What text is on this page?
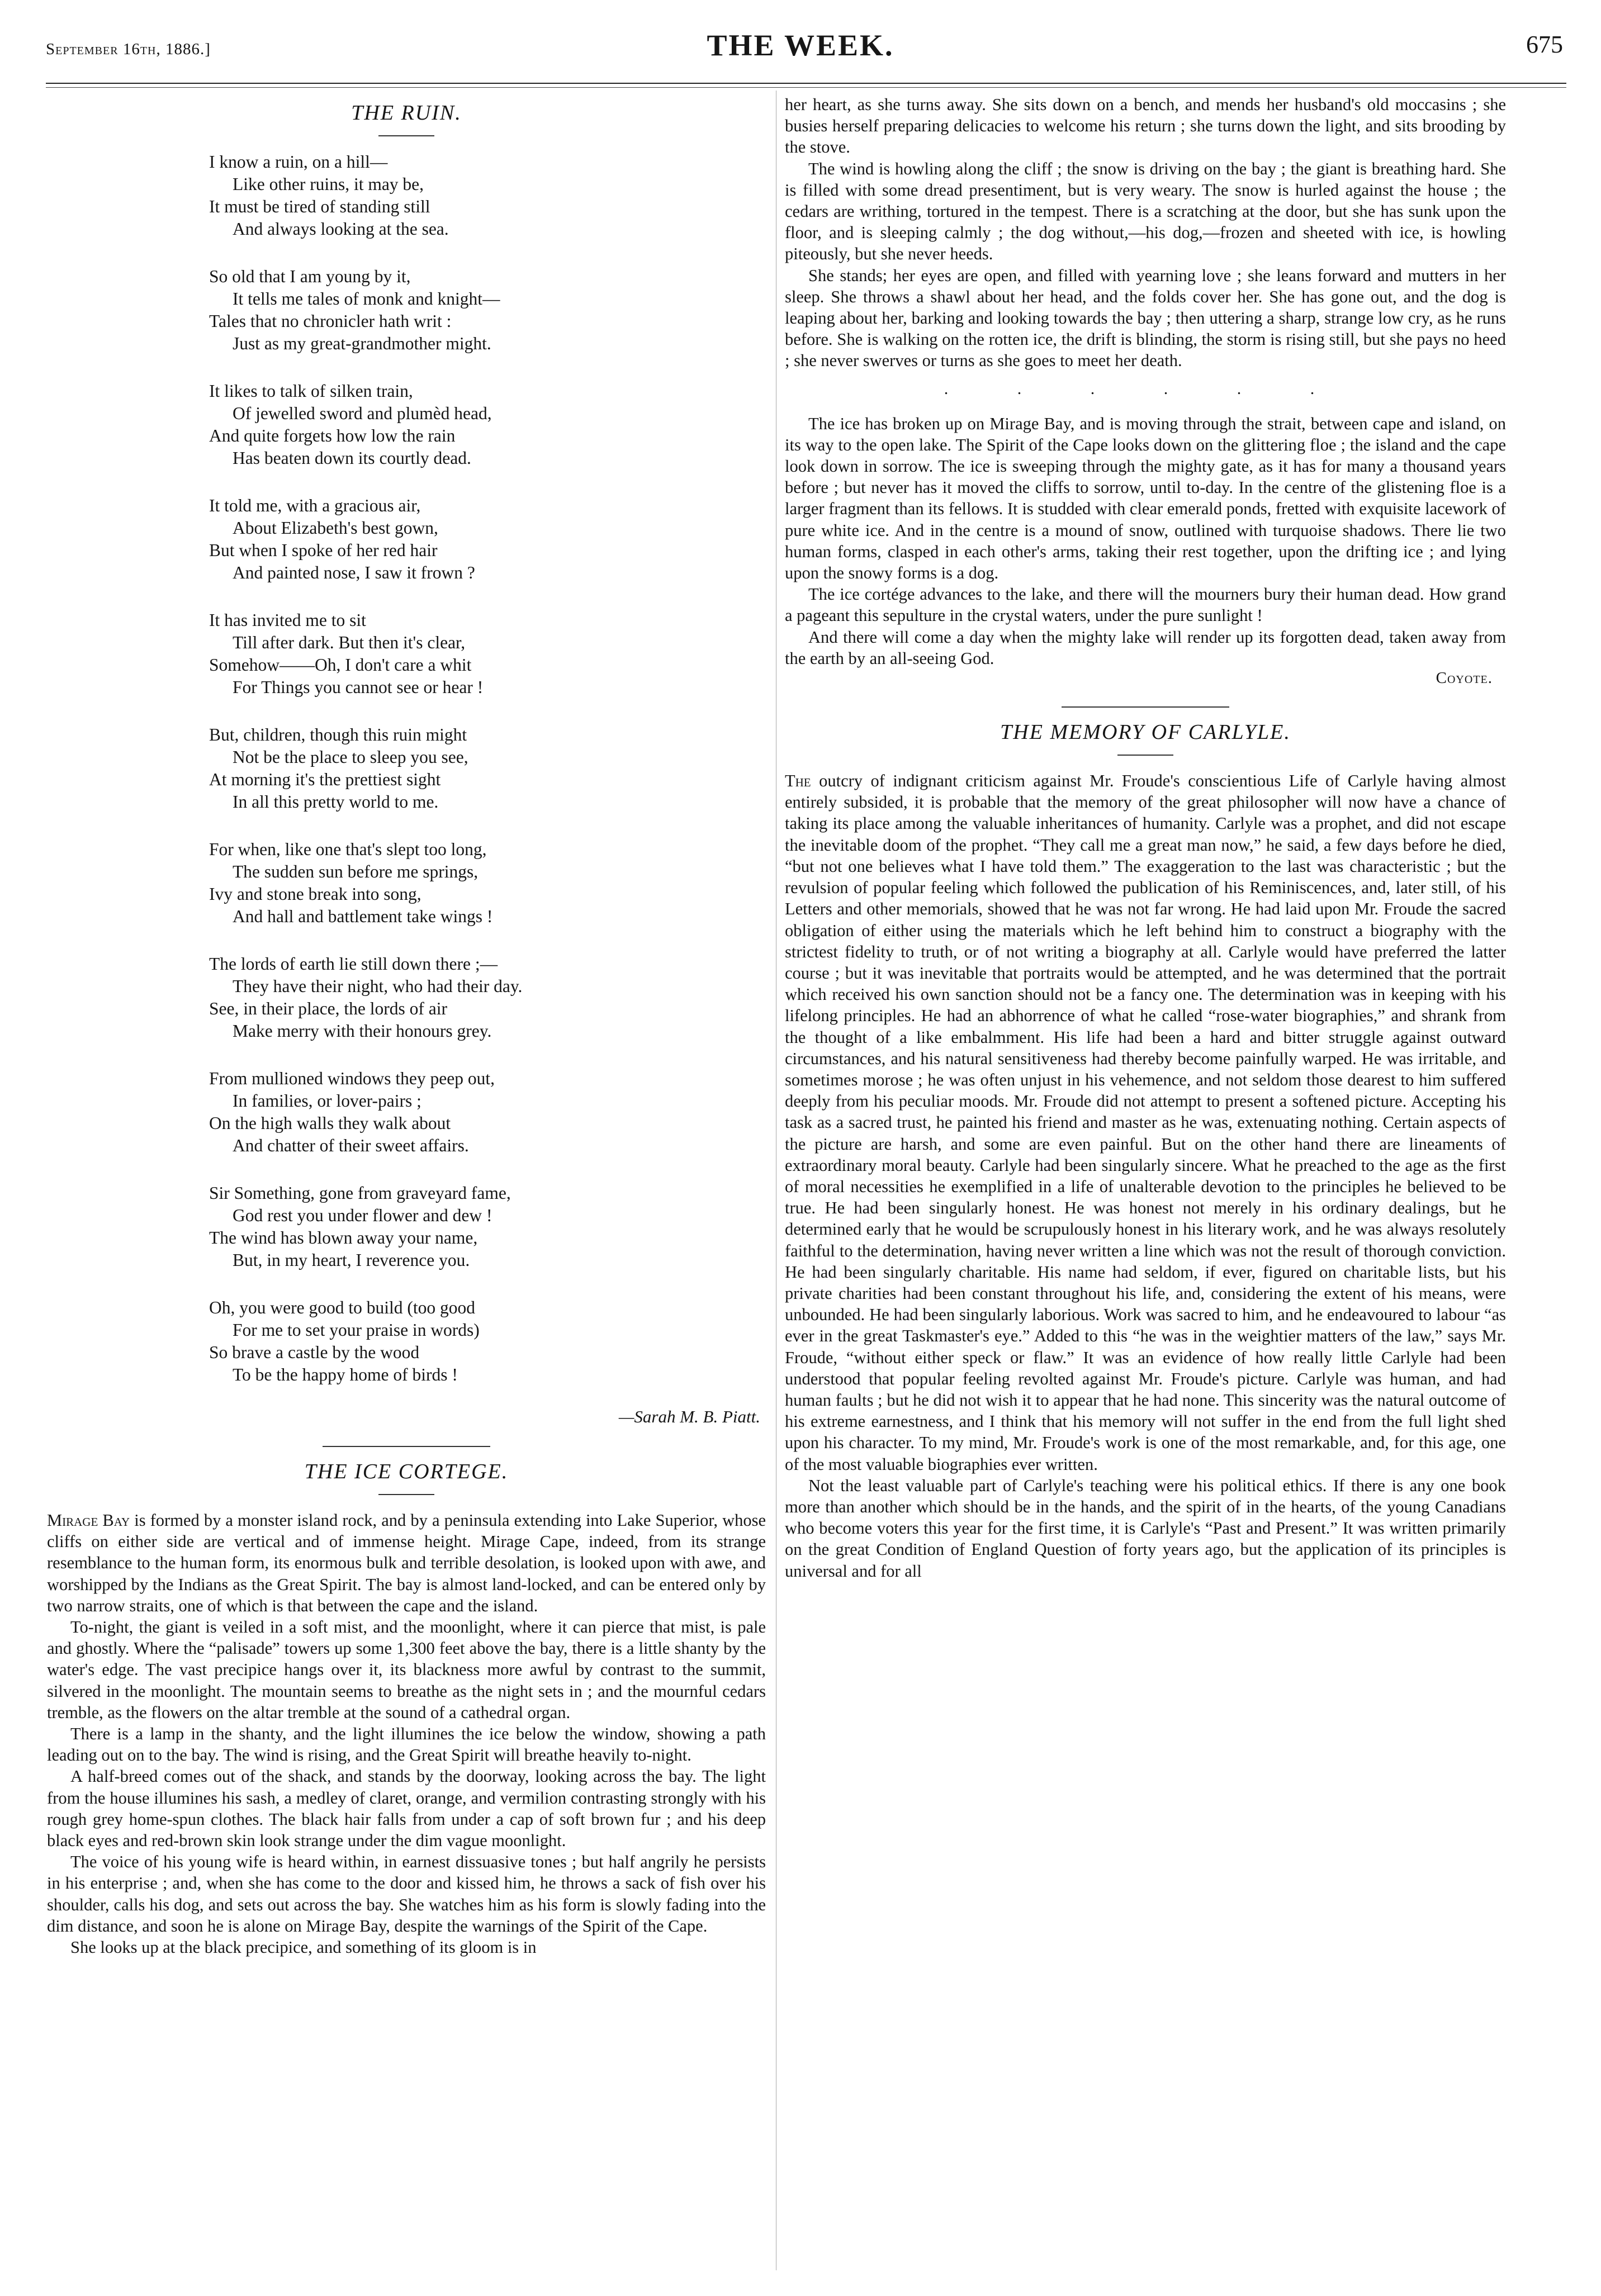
September 16th, 1886.]	THE WEEK.	675
THE RUIN.
I know a ruin, on a hill—
Like other ruins, it may be,
It must be tired of standing still
And always looking at the sea.
So old that I am young by it,
It tells me tales of monk and knight—
Tales that no chronicler hath writ :
Just as my great-grandmother might.
It likes to talk of silken train,
Of jewelled sword and plumèd head,
And quite forgets how low the rain
Has beaten down its courtly dead.
It told me, with a gracious air,
About Elizabeth's best gown,
But when I spoke of her red hair
And painted nose, I saw it frown ?
It has invited me to sit
Till after dark. But then it's clear,
Somehow——Oh, I don't care a whit
For Things you cannot see or hear !
But, children, though this ruin might
Not be the place to sleep you see,
At morning it's the prettiest sight
In all this pretty world to me.
For when, like one that's slept too long,
The sudden sun before me springs,
Ivy and stone break into song,
And hall and battlement take wings !
The lords of earth lie still down there ;—
They have their night, who had their day.
See, in their place, the lords of air
Make merry with their honours grey.
From mullioned windows they peep out,
In families, or lover-pairs ;
On the high walls they walk about
And chatter of their sweet affairs.
Sir Something, gone from graveyard fame,
God rest you under flower and dew !
The wind has blown away your name,
But, in my heart, I reverence you.
Oh, you were good to build (too good
For me to set your praise in words)
So brave a castle by the wood
To be the happy home of birds !
—Sarah M. B. Piatt.
THE ICE CORTEGE.

Mirage Bay is formed by a monster island rock, and by a peninsula extending into Lake Superior, whose cliffs on either side are vertical and of immense height. Mirage Cape, indeed, from its strange resemblance to the human form, its enormous bulk and terrible desolation, is looked upon with awe, and worshipped by the Indians as the Great Spirit. The bay is almost land-locked, and can be entered only by two narrow straits, one of which is that between the cape and the island.

To-night, the giant is veiled in a soft mist, and the moonlight, where it can pierce that mist, is pale and ghostly. Where the “palisade” towers up some 1,300 feet above the bay, there is a little shanty by the water's edge. The vast precipice hangs over it, its blackness more awful by contrast to the summit, silvered in the moonlight. The mountain seems to breathe as the night sets in ; and the mournful cedars tremble, as the flowers on the altar tremble at the sound of a cathedral organ.

There is a lamp in the shanty, and the light illumines the ice below the window, showing a path leading out on to the bay. The wind is rising, and the Great Spirit will breathe heavily to-night.

A half-breed comes out of the shack, and stands by the doorway, looking across the bay. The light from the house illumines his sash, a medley of claret, orange, and vermilion contrasting strongly with his rough grey home-spun clothes. The black hair falls from under a cap of soft brown fur ; and his deep black eyes and red-brown skin look strange under the dim vague moonlight.

The voice of his young wife is heard within, in earnest dissuasive tones ; but half angrily he persists in his enterprise ; and, when she has come to the door and kissed him, he throws a sack of fish over his shoulder, calls his dog, and sets out across the bay. She watches him as his form is slowly fading into the dim distance, and soon he is alone on Mirage Bay, despite the warnings of the Spirit of the Cape.

She looks up at the black precipice, and something of its gloom is in

her heart, as she turns away. She sits down on a bench, and mends her husband's old moccasins ; she busies herself preparing delicacies to welcome his return ; she turns down the light, and sits brooding by the stove.

The wind is howling along the cliff ; the snow is driving on the bay ; the giant is breathing hard. She is filled with some dread presentiment, but is very weary. The snow is hurled against the house ; the cedars are writhing, tortured in the tempest. There is a scratching at the door, but she has sunk upon the floor, and is sleeping calmly ; the dog without,—his dog,—frozen and sheeted with ice, is howling piteously, but she never heeds.

She stands; her eyes are open, and filled with yearning love ; she leans forward and mutters in her sleep. She throws a shawl about her head, and the folds cover her. She has gone out, and the dog is leaping about her, barking and looking towards the bay ; then uttering a sharp, strange low cry, as he runs before. She is walking on the rotten ice, the drift is blinding, the storm is rising still, but she pays no heed ; she never swerves or turns as she goes to meet her death.

. . . . . .

The ice has broken up on Mirage Bay, and is moving through the strait, between cape and island, on its way to the open lake. The Spirit of the Cape looks down on the glittering floe ; the island and the cape look down in sorrow. The ice is sweeping through the mighty gate, as it has for many a thousand years before ; but never has it moved the cliffs to sorrow, until to-day. In the centre of the glistening floe is a larger fragment than its fellows. It is studded with clear emerald ponds, fretted with exquisite lacework of pure white ice. And in the centre is a mound of snow, outlined with turquoise shadows. There lie two human forms, clasped in each other's arms, taking their rest together, upon the drifting ice ; and lying upon the snowy forms is a dog.

The ice cortége advances to the lake, and there will the mourners bury their human dead. How grand a pageant this sepulture in the crystal waters, under the pure sunlight !

And there will come a day when the mighty lake will render up its forgotten dead, taken away from the earth by an all-seeing God.

Coyote.
THE MEMORY OF CARLYLE.

The outcry of indignant criticism against Mr. Froude's conscientious Life of Carlyle having almost entirely subsided, it is probable that the memory of the great philosopher will now have a chance of taking its place among the valuable inheritances of humanity. Carlyle was a prophet, and did not escape the inevitable doom of the prophet. “They call me a great man now,” he said, a few days before he died, “but not one believes what I have told them.” The exaggeration to the last was characteristic ; but the revulsion of popular feeling which followed the publication of his Reminiscences, and, later still, of his Letters and other memorials, showed that he was not far wrong. He had laid upon Mr. Froude the sacred obligation of either using the materials which he left behind him to construct a biography with the strictest fidelity to truth, or of not writing a biography at all. Carlyle would have preferred the latter course ; but it was inevitable that portraits would be attempted, and he was determined that the portrait which received his own sanction should not be a fancy one. The determination was in keeping with his lifelong principles. He had an abhorrence of what he called “rose-water biographies,” and shrank from the thought of a like embalmment. His life had been a hard and bitter struggle against outward circumstances, and his natural sensitiveness had thereby become painfully warped. He was irritable, and sometimes morose ; he was often unjust in his vehemence, and not seldom those dearest to him suffered deeply from his peculiar moods. Mr. Froude did not attempt to present a softened picture. Accepting his task as a sacred trust, he painted his friend and master as he was, extenuating nothing. Certain aspects of the picture are harsh, and some are even painful. But on the other hand there are lineaments of extraordinary moral beauty. Carlyle had been singularly sincere. What he preached to the age as the first of moral necessities he exemplified in a life of unalterable devotion to the principles he believed to be true. He had been singularly honest. He was honest not merely in his ordinary dealings, but he determined early that he would be scrupulously honest in his literary work, and he was always resolutely faithful to the determination, having never written a line which was not the result of thorough conviction. He had been singularly charitable. His name had seldom, if ever, figured on charitable lists, but his private charities had been constant throughout his life, and, considering the extent of his means, were unbounded. He had been singularly laborious. Work was sacred to him, and he endeavoured to labour “as ever in the great Taskmaster's eye.” Added to this “he was in the weightier matters of the law,” says Mr. Froude, “without either speck or flaw.” It was an evidence of how really little Carlyle had been understood that popular feeling revolted against Mr. Froude's picture. Carlyle was human, and had human faults ; but he did not wish it to appear that he had none. This sincerity was the natural outcome of his extreme earnestness, and I think that his memory will not suffer in the end from the full light shed upon his character. To my mind, Mr. Froude's work is one of the most remarkable, and, for this age, one of the most valuable biographies ever written.

Not the least valuable part of Carlyle's teaching were his political ethics. If there is any one book more than another which should be in the hands, and the spirit of in the hearts, of the young Canadians who become voters this year for the first time, it is Carlyle's “Past and Present.” It was written primarily on the great Condition of England Question of forty years ago, but the application of its principles is universal and for all
